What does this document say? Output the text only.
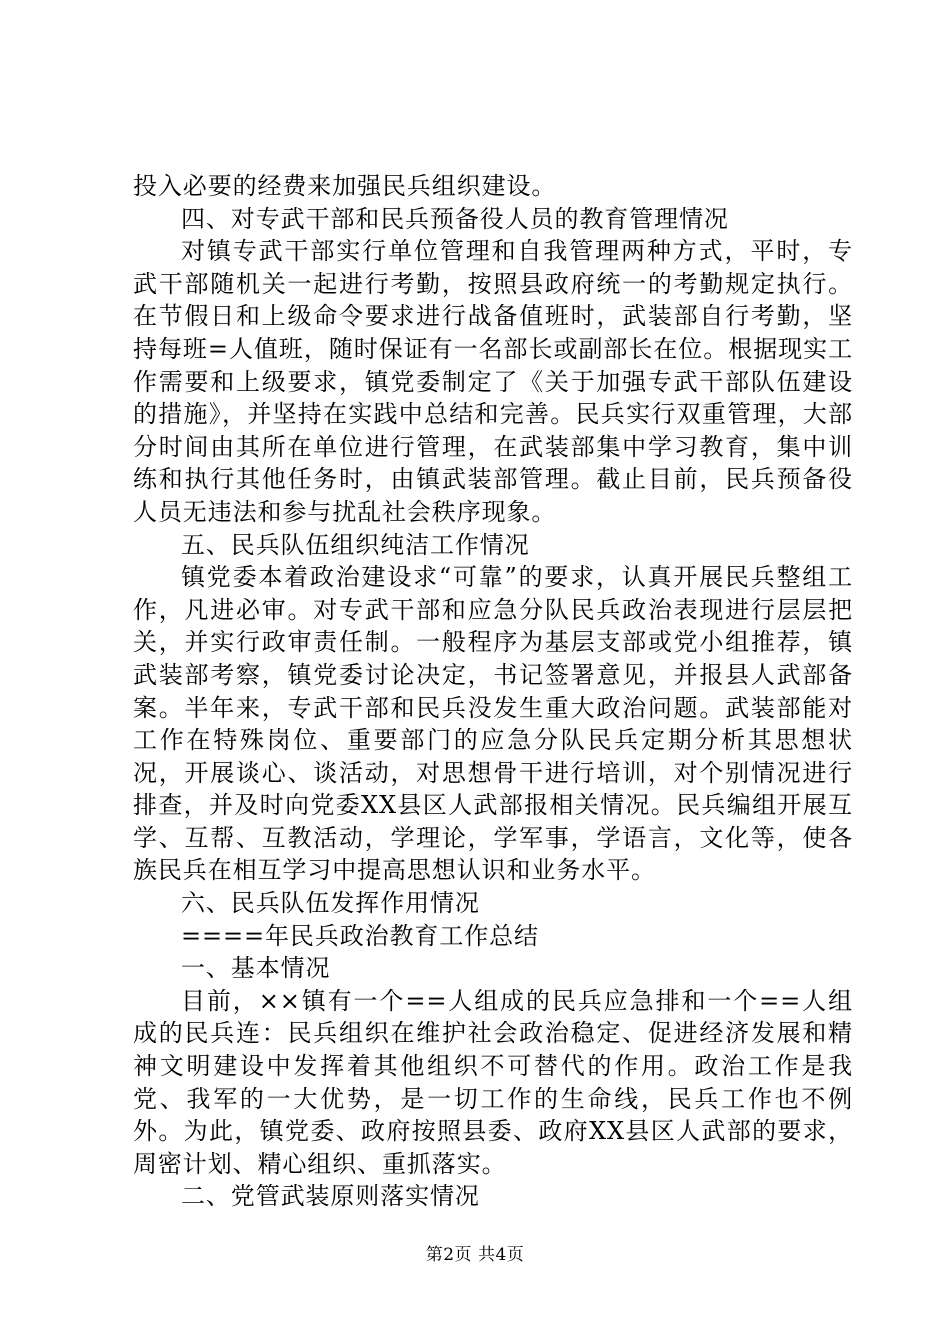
投入必要的经费来加强民兵组织建设。

四、对专武干部和民兵预备役人员的教育管理情况

对镇专武干部实行单位管理和自我管理两种方式，平时，专武干部随机关一起进行考勤，按照县政府统一的考勤规定执行。在节假日和上级命令要求进行战备值班时，武装部自行考勤，坚持每班=人值班，随时保证有一名部长或副部长在位。根据现实工作需要和上级要求，镇党委制定了《关于加强专武干部队伍建设的措施》，并坚持在实践中总结和完善。民兵实行双重管理，大部分时间由其所在单位进行管理，在武装部集中学习教育，集中训练和执行其他任务时，由镇武装部管理。截止目前，民兵预备役人员无违法和参与扰乱社会秩序现象。

五、民兵队伍组织纯洁工作情况

镇党委本着政治建设求“可靠”的要求，认真开展民兵整组工作，凡进必审。对专武干部和应急分队民兵政治表现进行层层把关，并实行政审责任制。一般程序为基层支部或党小组推荐，镇武装部考察，镇党委讨论决定，书记签署意见，并报县人武部备案。半年来，专武干部和民兵没发生重大政治问题。武装部能对工作在特殊岗位、重要部门的应急分队民兵定期分析其思想状况，开展谈心、谈活动，对思想骨干进行培训，对个别情况进行排查，并及时向党委XX县区人武部报相关情况。民兵编组开展互学、互帮、互教活动，学理论，学军事，学语言，文化等，使各族民兵在相互学习中提高思想认识和业务水平。

六、民兵队伍发挥作用情况

====年民兵政治教育工作总结

一、基本情况

目前，××镇有一个==人组成的民兵应急排和一个==人组成的民兵连：民兵组织在维护社会政治稳定、促进经济发展和精神文明建设中发挥着其他组织不可替代的作用。政治工作是我党、我军的一大优势，是一切工作的生命线，民兵工作也不例外。为此，镇党委、政府按照县委、政府XX县区人武部的要求，周密计划、精心组织、重抓落实。

二、党管武装原则落实情况

第2页 共4页
